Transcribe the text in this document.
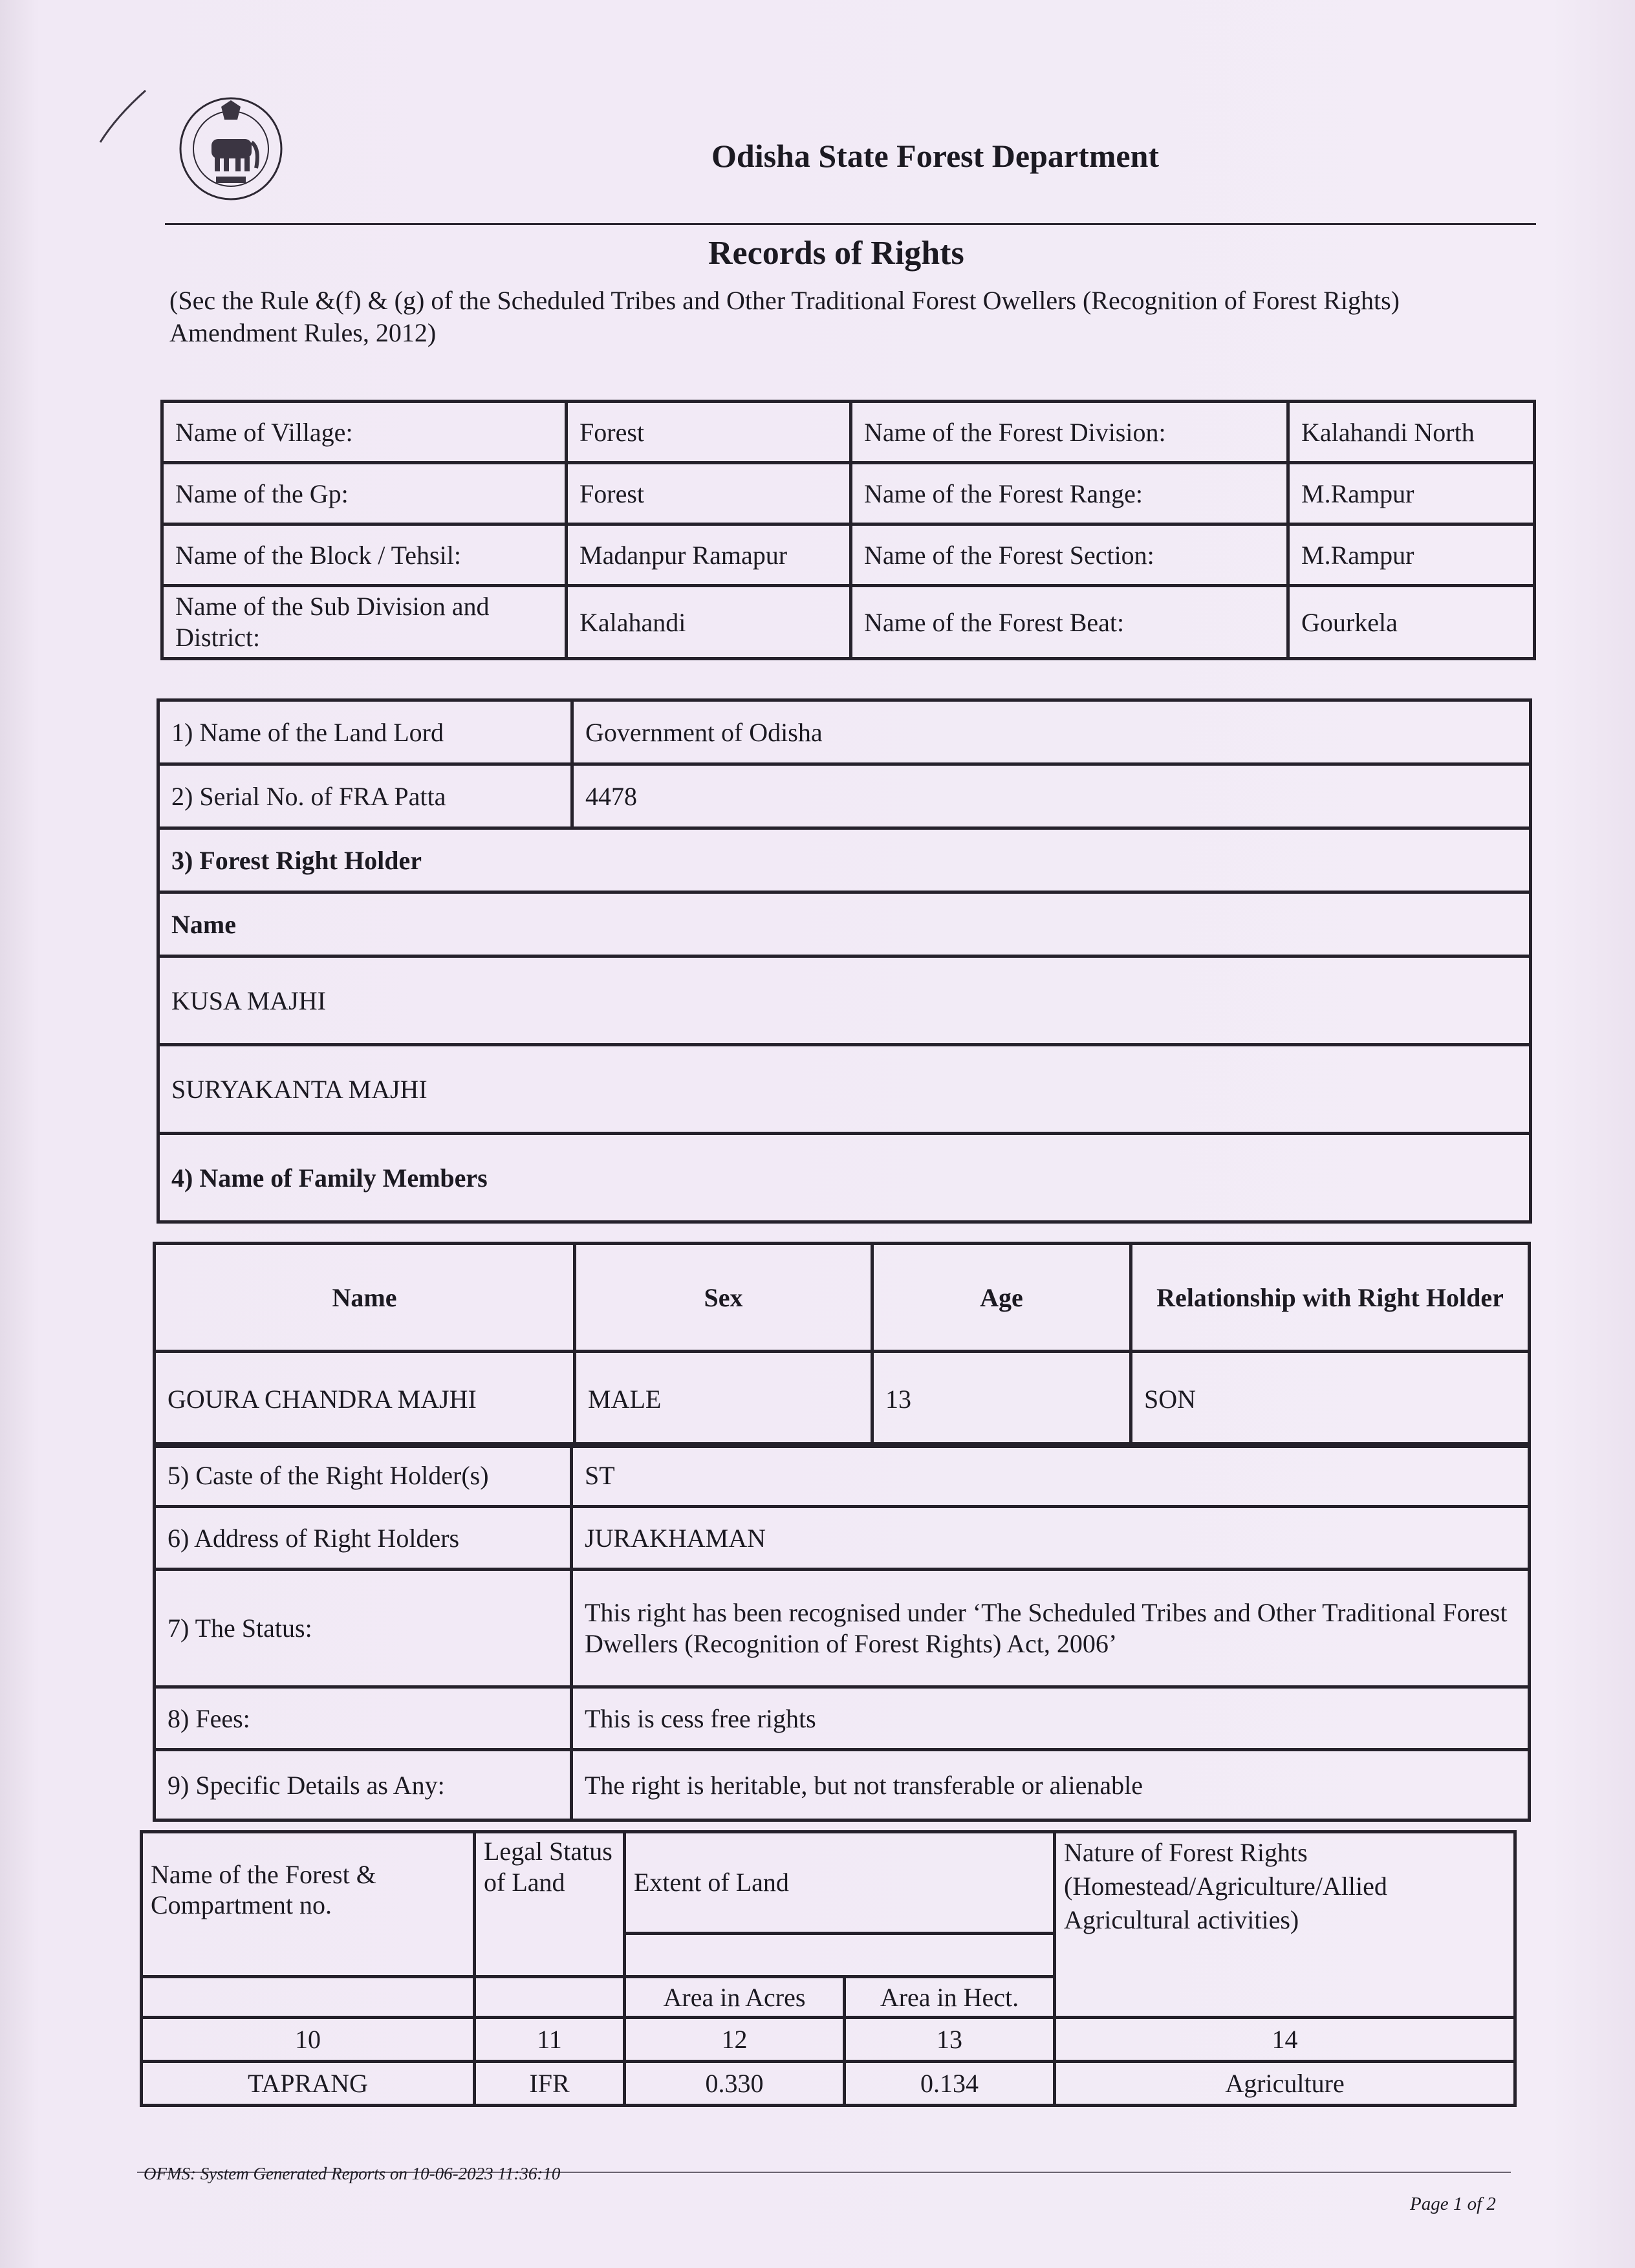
Odisha State Forest Department
Records of Rights
(Sec the Rule &(f) & (g) of the Scheduled Tribes and Other Traditional Forest Owellers (Recognition of Forest Rights) Amendment Rules, 2012)
Name of Village:	Forest	Name of the Forest Division:	Kalahandi North
Name of the Gp:	Forest	Name of the Forest Range:	M.Rampur
Name of the Block / Tehsil:	Madanpur Ramapur	Name of the Forest Section:	M.Rampur
Name of the Sub Division and District:	Kalahandi	Name of the Forest Beat:	Gourkela
1) Name of the Land Lord	Government of Odisha
2) Serial No. of FRA Patta	4478
3) Forest Right Holder	
Name	
KUSA MAJHI	
SURYAKANTA MAJHI	
4) Name of Family Members	
Name	Sex	Age	Relationship with Right Holder
GOURA CHANDRA MAJHI	MALE	13	SON
5) Caste of the Right Holder(s)	ST
6) Address of Right Holders	JURAKHAMAN
7) The Status:	This right has been recognised under ‘The Scheduled Tribes and Other Traditional Forest Dwellers (Recognition of Forest Rights) Act, 2006’
8) Fees:	This is cess free rights
9) Specific Details as Any:	The right is heritable, but not transferable or alienable
Name of the Forest & Compartment no.	Legal Status of Land	Extent of Land		Nature of Forest Rights (Homestead/Agriculture/Allied Agricultural activities)

		Area in Acres	Area in Hect.	
10	11	12	13	14
TAPRANG	IFR	0.330	0.134	Agriculture
OFMS: System Generated Reports on 10-06-2023 11:36:10
Page 1 of 2
